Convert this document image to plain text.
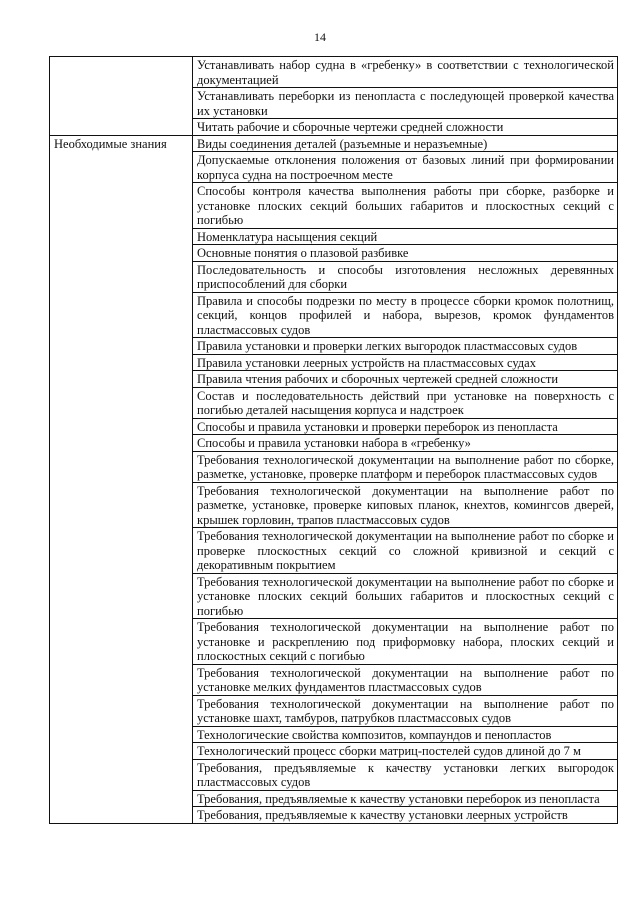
14
	Устанавливать набор судна в «гребенку» в соответствии с технологической документацией
	Устанавливать переборки из пенопласта с последующей проверкой качества их установки
	Читать рабочие и сборочные чертежи средней сложности
Необходимые знания	Виды соединения деталей (разъемные и неразъемные)
	Допускаемые отклонения положения от базовых линий при формировании корпуса судна на построечном месте
	Способы контроля качества выполнения работы при сборке, разборке и установке плоских секций больших габаритов и плоскостных секций с погибью
	Номенклатура насыщения секций
	Основные понятия о плазовой разбивке
	Последовательность и способы изготовления несложных деревянных приспособлений для сборки
	Правила и способы подрезки по месту в процессе сборки кромок полотнищ, секций, концов профилей и набора, вырезов, кромок фундаментов пластмассовых судов
	Правила установки и проверки легких выгородок пластмассовых судов
	Правила установки леерных устройств на пластмассовых судах
	Правила чтения рабочих и сборочных чертежей средней сложности
	Состав и последовательность действий при установке на поверхность с погибью деталей насыщения корпуса и надстроек
	Способы и правила установки и проверки переборок из пенопласта
	Способы и правила установки набора в «гребенку»
	Требования технологической документации на выполнение работ по сборке, разметке, установке, проверке платформ и переборок пластмассовых судов
	Требования технологической документации на выполнение работ по разметке, установке, проверке киповых планок, кнехтов, комингсов дверей, крышек горловин, трапов пластмассовых судов
	Требования технологической документации на выполнение работ по сборке и проверке плоскостных секций со сложной кривизной и секций с декоративным покрытием
	Требования технологической документации на выполнение работ по сборке и установке плоских секций больших габаритов и плоскостных секций с погибью
	Требования технологической документации на выполнение работ по установке и раскреплению под приформовку набора, плоских секций и плоскостных секций с погибью
	Требования технологической документации на выполнение работ по установке мелких фундаментов пластмассовых судов
	Требования технологической документации на выполнение работ по установке шахт, тамбуров, патрубков пластмассовых судов
	Технологические свойства композитов, компаундов и пенопластов
	Технологический процесс сборки матриц-постелей судов длиной до 7 м
	Требования, предъявляемые к качеству установки легких выгородок пластмассовых судов
	Требования, предъявляемые к качеству установки переборок из пенопласта
	Требования, предъявляемые к качеству установки леерных устройств
